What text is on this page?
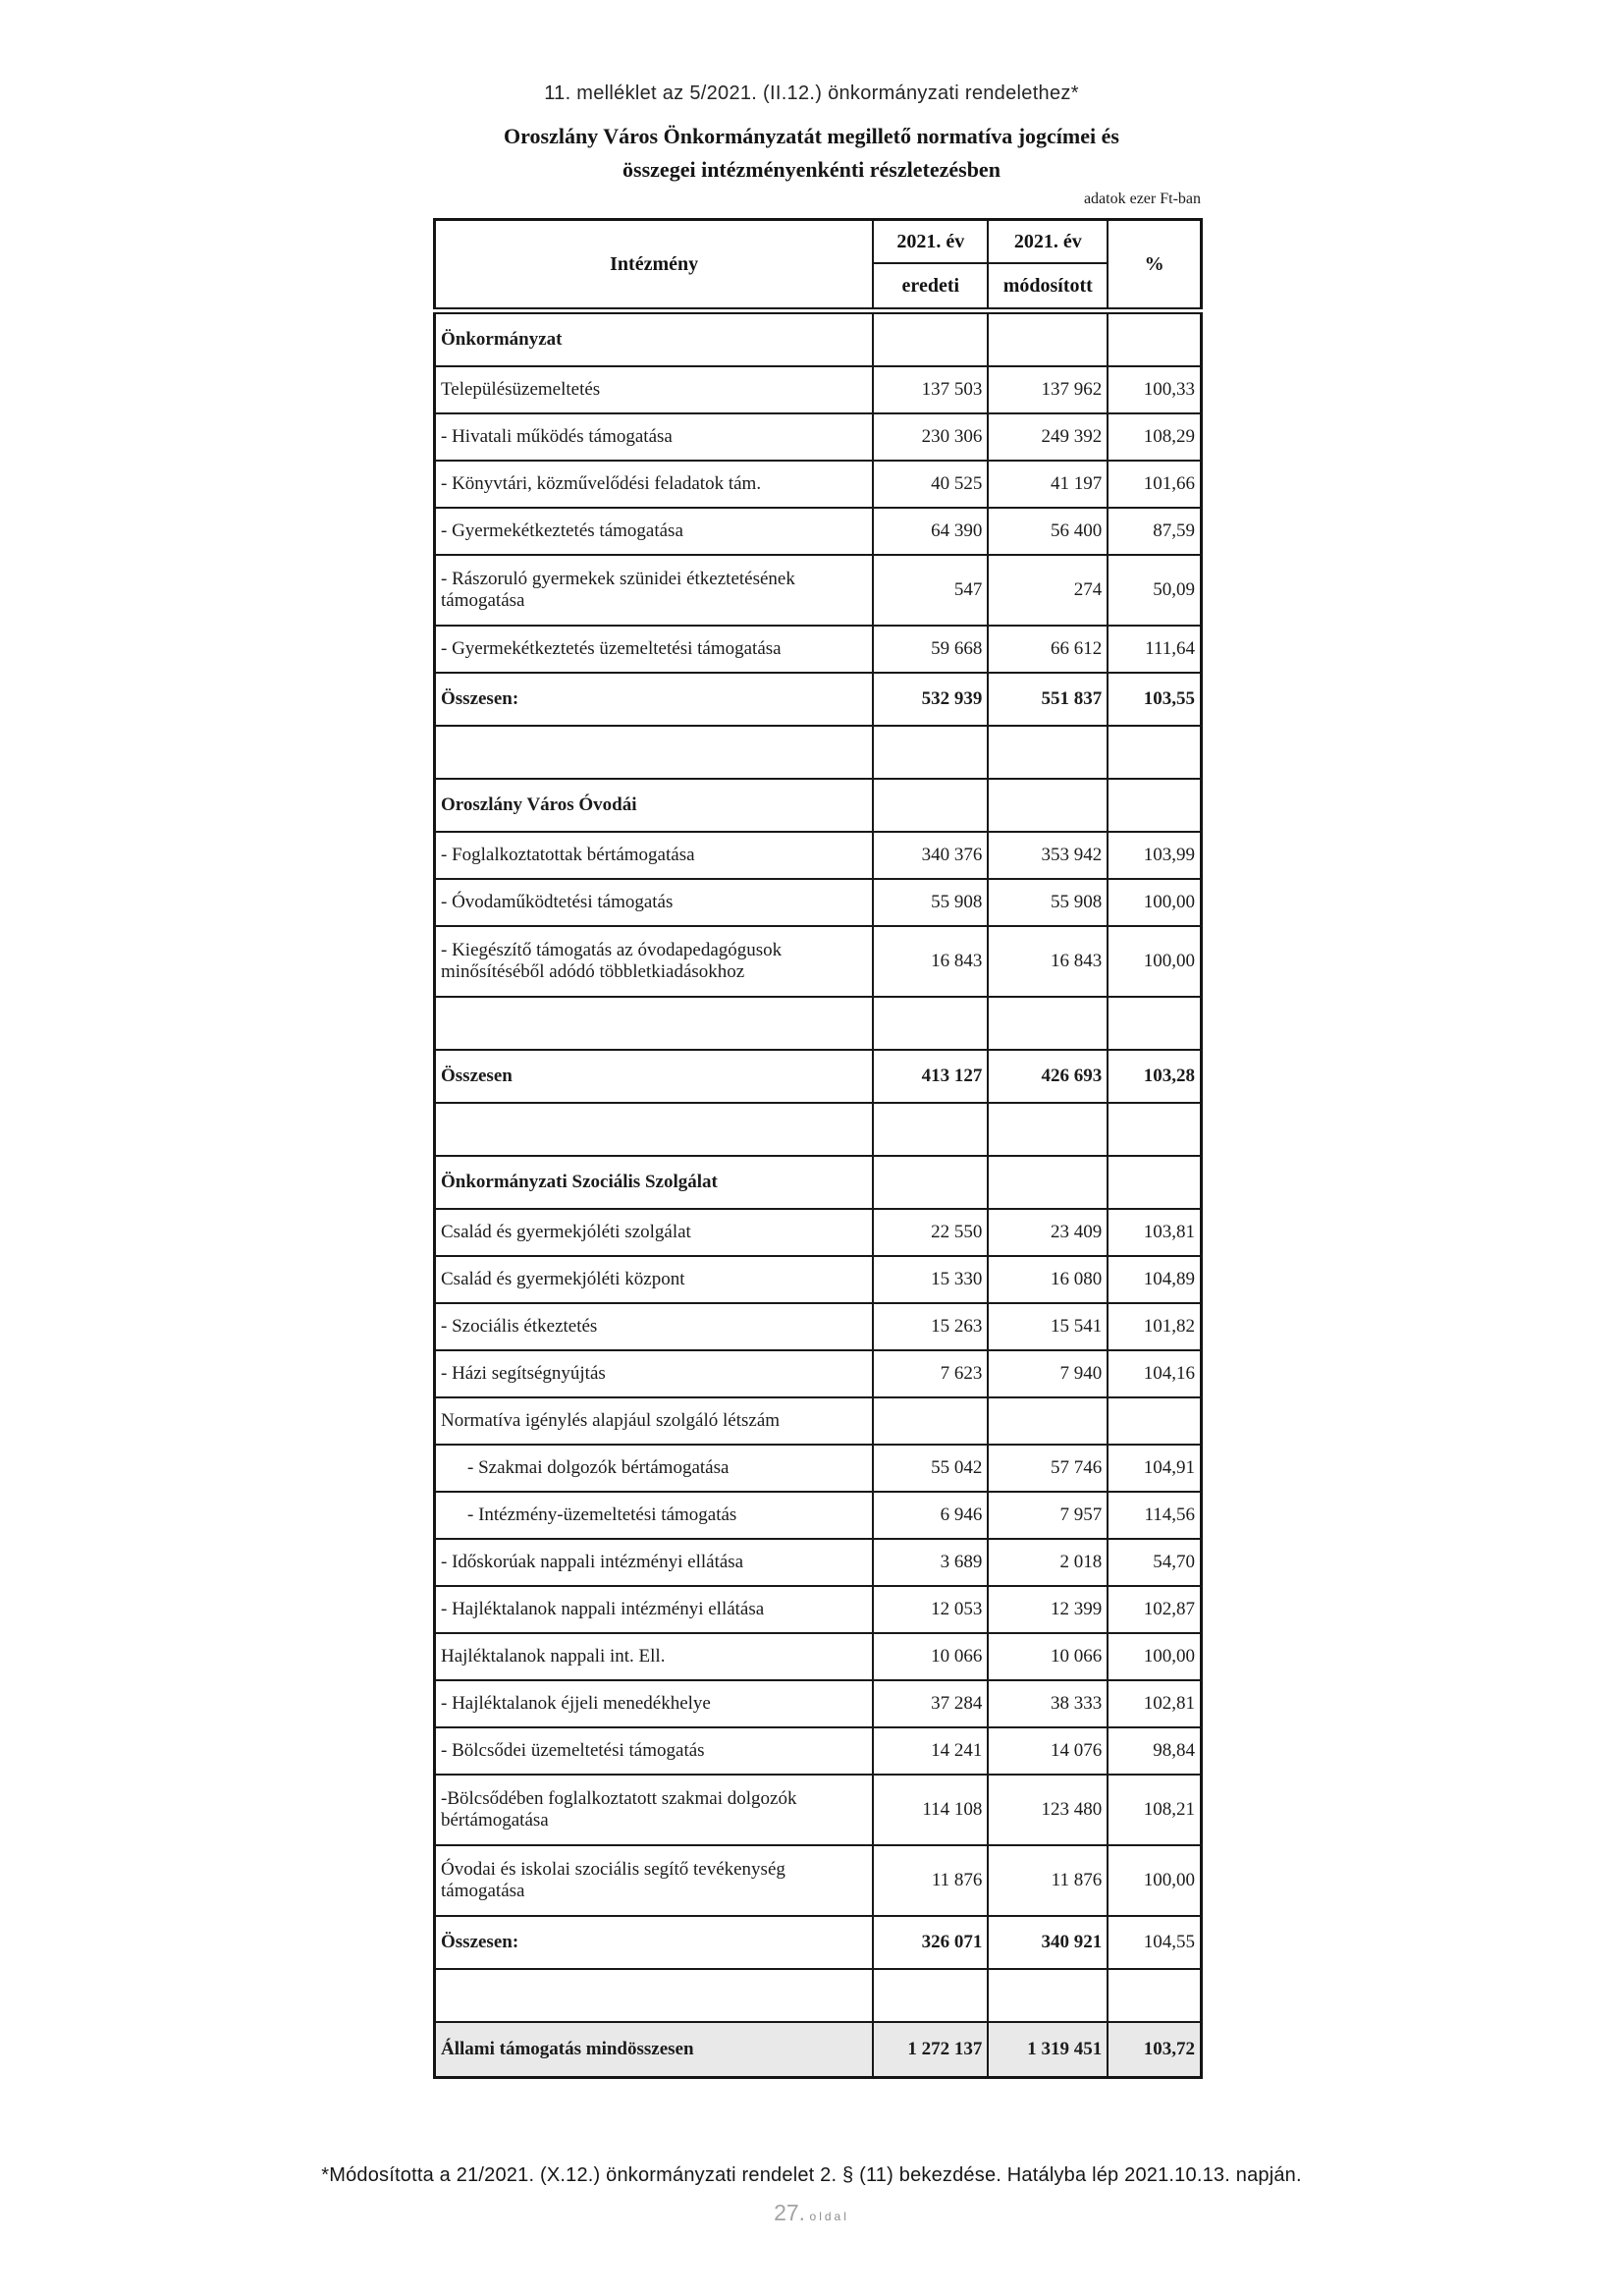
11. melléklet az 5/2021. (II.12.) önkormányzati rendelethez*
Oroszlány Város Önkormányzatát megillető normatíva jogcímei és
összegei intézményenkénti részletezésben
adatok ezer Ft-ban
Intézmény	2021. év	2021. év	%
	eredeti	módosított	
Önkormányzat			
Településüzemeltetés	137 503	137 962	100,33
- Hivatali működés támogatása	230 306	249 392	108,29
- Könyvtári, közművelődési feladatok tám.	40 525	41 197	101,66
- Gyermekétkeztetés támogatása	64 390	56 400	87,59
- Rászoruló gyermekek szünidei étkeztetésének támogatása	547	274	50,09
- Gyermekétkeztetés üzemeltetési támogatása	59 668	66 612	111,64
Összesen:	532 939	551 837	103,55

Oroszlány Város Óvodái			
- Foglalkoztatottak bértámogatása	340 376	353 942	103,99
- Óvodaműködtetési támogatás	55 908	55 908	100,00
- Kiegészítő támogatás az óvodapedagógusok minősítéséből adódó többletkiadásokhoz	16 843	16 843	100,00

Összesen	413 127	426 693	103,28

Önkormányzati Szociális Szolgálat			
Család és gyermekjóléti szolgálat	22 550	23 409	103,81
Család és gyermekjóléti központ	15 330	16 080	104,89
- Szociális étkeztetés	15 263	15 541	101,82
- Házi segítségnyújtás	7 623	7 940	104,16
Normatíva igénylés alapjául szolgáló létszám			
- Szakmai dolgozók bértámogatása	55 042	57 746	104,91
- Intézmény-üzemeltetési támogatás	6 946	7 957	114,56
- Időskorúak nappali intézményi ellátása	3 689	2 018	54,70
- Hajléktalanok nappali intézményi ellátása	12 053	12 399	102,87
Hajléktalanok nappali int. Ell.	10 066	10 066	100,00
- Hajléktalanok éjjeli menedékhelye	37 284	38 333	102,81
- Bölcsődei üzemeltetési támogatás	14 241	14 076	98,84
-Bölcsődében foglalkoztatott szakmai dolgozók bértámogatása	114 108	123 480	108,21
Óvodai és iskolai szociális segítő tevékenység támogatása	11 876	11 876	100,00
Összesen:	326 071	340 921	104,55

Állami támogatás mindösszesen	1 272 137	1 319 451	103,72
*Módosította a 21/2021. (X.12.) önkormányzati rendelet 2. § (11) bekezdése. Hatályba lép 2021.10.13. napján.
27. oldal
